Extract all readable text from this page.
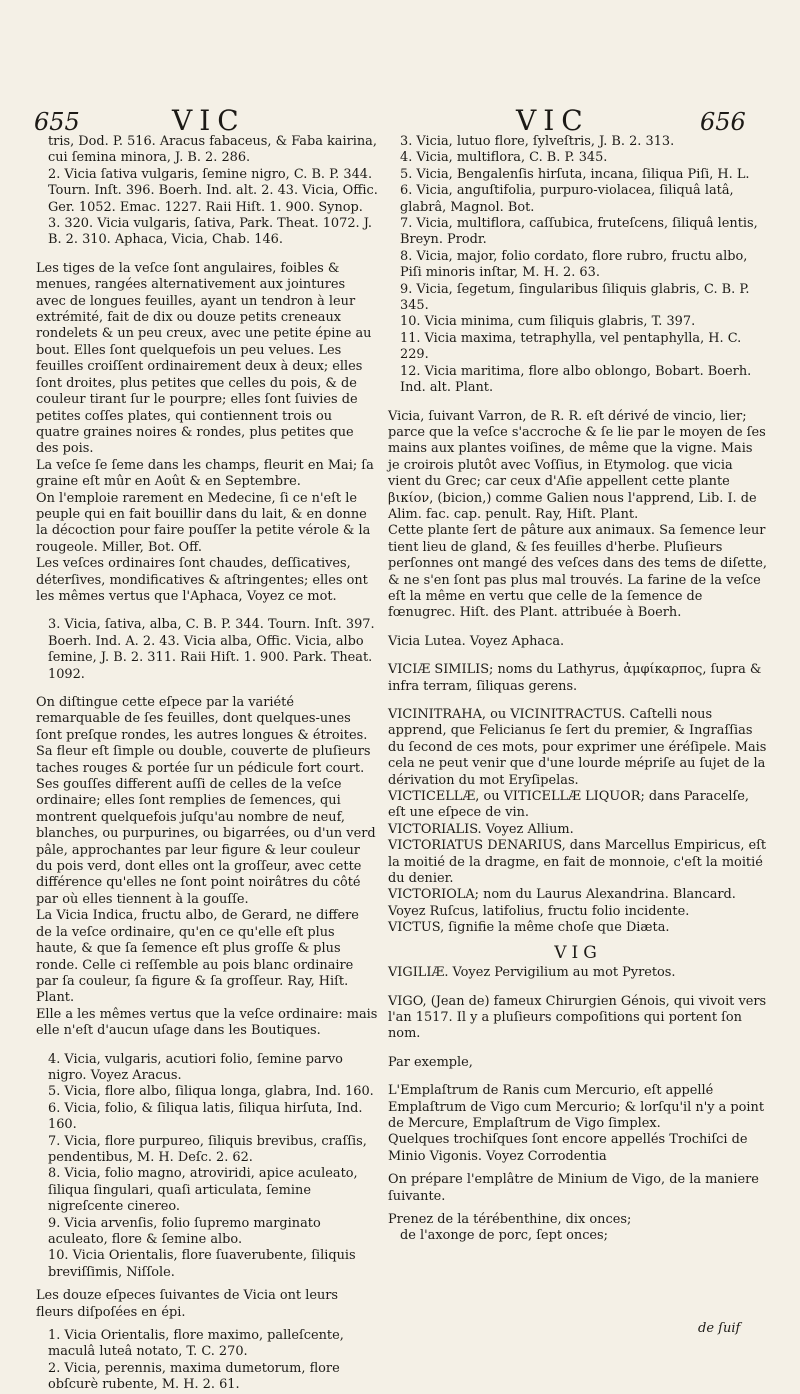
655	VIC	VIC	656

tris, Dod. P. 516. Aracus fabaceus, & Faba kairina, cui ſemina minora, J. B. 2. 286.

2. Vicia ſativa vulgaris, ſemine nigro, C. B. P. 344. Tourn. Inſt. 396. Boerh. Ind. alt. 2. 43. Vicia, Offic. Ger. 1052. Emac. 1227. Raii Hiſt. 1. 900. Synop. 3. 320. Vicia vulgaris, ſativa, Park. Theat. 1072. J. B. 2. 310. Aphaca, Vicia, Chab. 146.

Les tiges de la veſce ſont angulaires, foibles & menues, rangées alternativement aux jointures avec de longues feuilles, ayant un tendron à leur extrémité, fait de dix ou douze petits creneaux rondelets & un peu creux, avec une petite épine au bout. Elles ſont quelquefois un peu velues. Les feuilles croiſſent ordinairement deux à deux; elles ſont droites, plus petites que celles du pois, & de couleur tirant ſur le pourpre; elles ſont ſuivies de petites coſſes plates, qui contiennent trois ou quatre graines noires & rondes, plus petites que des pois.

La veſce ſe ſeme dans les champs, fleurit en Mai; ſa graine eſt mûr en Août & en Septembre.

On l'emploie rarement en Medecine, ſi ce n'eſt le peuple qui en fait bouillir dans du lait, & en donne la décoction pour faire pouſſer la petite vérole & la rougeole. Miller, Bot. Off.

Les veſces ordinaires ſont chaudes, deſſicatives, déterſives, mondificatives & aſtringentes; elles ont les mêmes vertus que l'Aphaca, Voyez ce mot.

3. Vicia, ſativa, alba, C. B. P. 344. Tourn. Inſt. 397. Boerh. Ind. A. 2. 43. Vicia alba, Offic. Vicia, albo ſemine, J. B. 2. 311. Raii Hiſt. 1. 900. Park. Theat. 1092.

On diſtingue cette eſpece par la variété remarquable de ſes feuilles, dont quelques-unes ſont preſque rondes, les autres longues & étroites. Sa fleur eſt ſimple ou double, couverte de pluſieurs taches rouges & portée ſur un pédicule fort court. Ses gouſſes different auſſi de celles de la veſce ordinaire; elles ſont remplies de ſemences, qui montrent quelquefois juſqu'au nombre de neuf, blanches, ou purpurines, ou bigarrées, ou d'un verd pâle, approchantes par leur figure & leur couleur du pois verd, dont elles ont la groſſeur, avec cette différence qu'elles ne ſont point noirâtres du côté par où elles tiennent à la gouſſe.

La Vicia Indica, fructu albo, de Gerard, ne differe de la veſce ordinaire, qu'en ce qu'elle eſt plus haute, & que ſa ſemence eſt plus groſſe & plus ronde. Celle ci reſſemble au pois blanc ordinaire par ſa couleur, ſa figure & ſa groſſeur. Ray, Hiſt. Plant.

Elle a les mêmes vertus que la veſce ordinaire: mais elle n'eſt d'aucun uſage dans les Boutiques.

4. Vicia, vulgaris, acutiori folio, ſemine parvo nigro. Voyez Aracus.

5. Vicia, flore albo, ſiliqua longa, glabra, Ind. 160.

6. Vicia, folio, & ſiliqua latis, ſiliqua hirſuta, Ind. 160.

7. Vicia, flore purpureo, ſiliquis brevibus, craſſis, pendentibus, M. H. Deſc. 2. 62.

8. Vicia, folio magno, atroviridi, apice aculeato, ſiliqua ſingulari, quaſi articulata, ſemine nigreſcente cinereo.

9. Vicia arvenſis, folio ſupremo marginato aculeato, flore & ſemine albo.

10. Vicia Orientalis, flore ſuaverubente, ſiliquis breviſſimis, Niſſole.

Les douze eſpeces ſuivantes de Vicia ont leurs fleurs diſpoſées en épi.

1. Vicia Orientalis, flore maximo, palleſcente, maculâ luteâ notato, T. C. 270.

2. Vicia, perennis, maxima dumetorum, flore obſcurè rubente, M. H. 2. 61.

3. Vicia, lutuo flore, ſylveſtris, J. B. 2. 313.

4. Vicia, multiflora, C. B. P. 345.

5. Vicia, Bengalenſis hirſuta, incana, ſiliqua Piſi, H. L.

6. Vicia, anguſtifolia, purpuro-violacea, ſiliquâ latâ, glabrâ, Magnol. Bot.

7. Vicia, multiflora, caſſubica, fruteſcens, ſiliquâ lentis, Breyn. Prodr.

8. Vicia, major, folio cordato, flore rubro, fructu albo, Piſi minoris inſtar, M. H. 2. 63.

9. Vicia, ſegetum, ſingularibus ſiliquis glabris, C. B. P. 345.

10. Vicia minima, cum ſiliquis glabris, T. 397.

11. Vicia maxima, tetraphylla, vel pentaphylla, H. C. 229.

12. Vicia maritima, flore albo oblongo, Bobart. Boerh. Ind. alt. Plant.

Vicia, ſuivant Varron, de R. R. eſt dérivé de vincio, lier; parce que la veſce s'accroche & ſe lie par le moyen de ſes mains aux plantes voiſines, de même que la vigne. Mais je croirois plutôt avec Voſſius, in Etymolog. que vicia vient du Grec; car ceux d'Aſie appellent cette plante βικίον, (bicion,) comme Galien nous l'apprend, Lib. I. de Alim. fac. cap. penult. Ray, Hiſt. Plant.

Cette plante ſert de pâture aux animaux. Sa ſemence leur tient lieu de gland, & ſes feuilles d'herbe. Pluſieurs perſonnes ont mangé des veſces dans des tems de diſette, & ne s'en ſont pas plus mal trouvés. La farine de la veſce eſt la même en vertu que celle de la ſemence de fœnugrec. Hiſt. des Plant. attribuée à Boerh.

Vicia Lutea. Voyez Aphaca.

VICIÆ SIMILIS; noms du Lathyrus, ἀμφίκαρπος, ſupra & infra terram, ſiliquas gerens.

VICINITRAHA, ou VICINITRACTUS. Caſtelli nous apprend, que Felicianus ſe ſert du premier, & Ingraſſias du ſecond de ces mots, pour exprimer une éréſipele. Mais cela ne peut venir que d'une lourde mépriſe au ſujet de la dérivation du mot Eryſipelas.

VICTICELLÆ, ou VITICELLÆ LIQUOR; dans Paracelſe, eſt une eſpece de vin.

VICTORIALIS. Voyez Allium.

VICTORIATUS DENARIUS, dans Marcellus Empiricus, eſt la moitié de la dragme, en fait de monnoie, c'eſt la moitié du denier.

VICTORIOLA; nom du Laurus Alexandrina. Blancard.

Voyez Ruſcus, latifolius, fructu folio incidente.

VICTUS, ſignifie la même choſe que Diæta.

VIG

VIGILIÆ. Voyez Pervigilium au mot Pyretos.

VIGO, (Jean de) fameux Chirurgien Génois, qui vivoit vers l'an 1517. Il y a pluſieurs compoſitions qui portent ſon nom.

Par exemple,

L'Emplaſtrum de Ranis cum Mercurio, eſt appellé Emplaſtrum de Vigo cum Mercurio; & lorſqu'il n'y a point de Mercure, Emplaſtrum de Vigo ſimplex.

Quelques trochiſques ſont encore appellés Trochiſci de Minio Vigonis. Voyez Corrodentia

On prépare l'emplâtre de Minium de Vigo, de la maniere ſuivante.

Prenez de la térébenthine, dix onces;

de l'axonge de porc, ſept onces;

de ſuif
